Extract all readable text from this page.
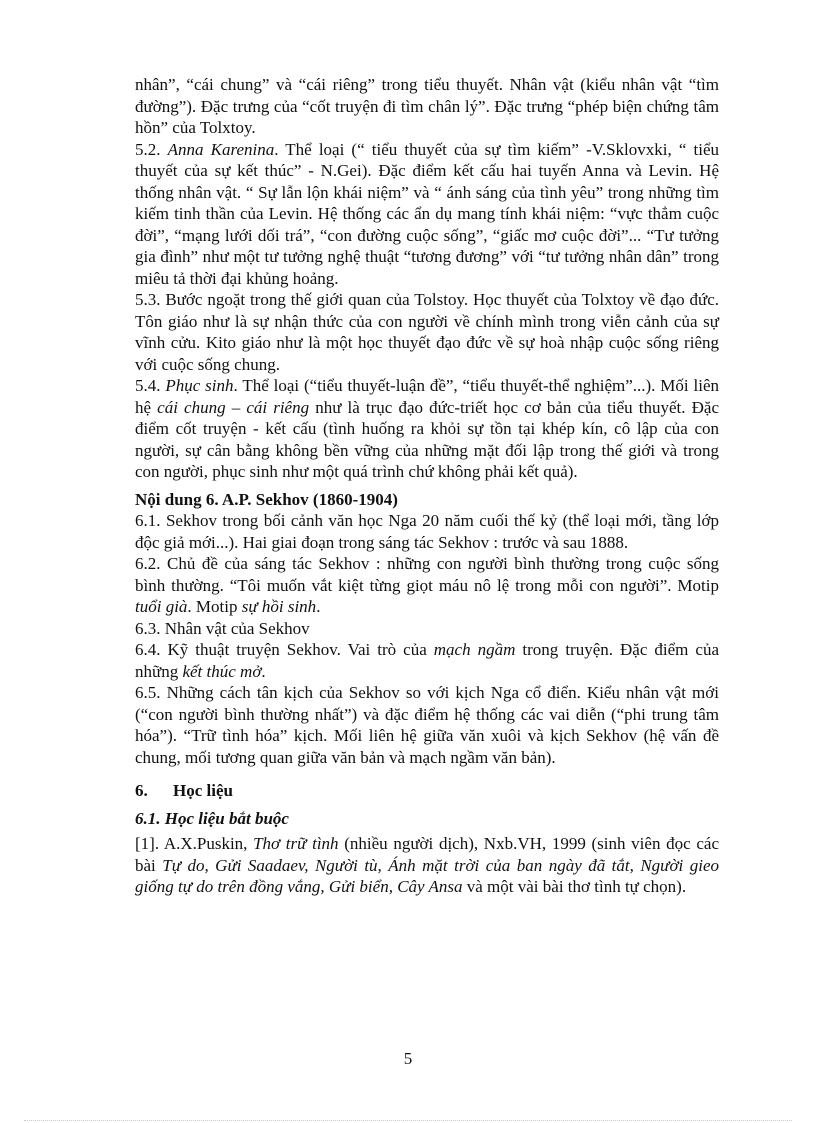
nhân”, “cái chung” và “cái riêng” trong tiểu thuyết. Nhân vật (kiểu nhân vật “tìm đường”). Đặc trưng của “cốt truyện đi tìm chân lý”. Đặc trưng “phép biện chứng tâm hồn” của Tolxtoy.

5.2. Anna Karenina. Thể loại (“ tiểu thuyết của sự tìm kiếm” -V.Sklovxki, “ tiểu thuyết của sự kết thúc” - N.Gei). Đặc điểm kết cấu hai tuyến Anna và Levin. Hệ thống nhân vật. “ Sự lẫn lộn khái niệm” và “ ánh sáng của tình yêu” trong những tìm kiếm tinh thần của Levin. Hệ thống các ẩn dụ mang tính khái niệm: “vực thẳm cuộc đời”, “mạng lưới dối trá”, “con đường cuộc sống”, “giấc mơ cuộc đời”... “Tư tưởng gia đình” như một tư tưởng nghệ thuật “tương đương” với “tư tưởng nhân dân” trong miêu tả thời đại khủng hoảng.

5.3. Bước ngoặt trong thế giới quan của Tolstoy. Học thuyết của Tolxtoy về đạo đức. Tôn giáo như là sự nhận thức của con người về chính mình trong viễn cảnh của sự vĩnh cửu. Kito giáo như là một học thuyết đạo đức về sự hoà nhập cuộc sống riêng với cuộc sống chung.

5.4. Phục sinh. Thể loại (“tiểu thuyết-luận đề”, “tiểu thuyết-thể nghiệm”...). Mối liên hệ cái chung – cái riêng như là trục đạo đức-triết học cơ bản của tiểu thuyết. Đặc điểm cốt truyện - kết cấu (tình huống ra khỏi sự tồn tại khép kín, cô lập của con người, sự cân bằng không bền vững của những mặt đối lập trong thế giới và trong con người, phục sinh như một quá trình chứ không phải kết quả).

Nội dung 6. A.P. Sekhov (1860-1904)

6.1. Sekhov trong bối cảnh văn học Nga 20 năm cuối thế kỷ (thể loại mới, tầng lớp độc giả mới...). Hai giai đoạn trong sáng tác Sekhov : trước và sau 1888.

6.2. Chủ đề của sáng tác Sekhov : những con người bình thường trong cuộc sống bình thường. “Tôi muốn vắt kiệt từng giọt máu nô lệ trong mỗi con người”. Motip tuổi già. Motip sự hồi sinh.

6.3. Nhân vật của Sekhov

6.4. Kỹ thuật truyện Sekhov. Vai trò của mạch ngầm trong truyện. Đặc điểm của những kết thúc mở.

6.5. Những cách tân kịch của Sekhov so với kịch Nga cổ điển. Kiểu nhân vật mới (“con người bình thường nhất”) và đặc điểm hệ thống các vai diễn (“phi trung tâm hóa”). “Trữ tình hóa” kịch. Mối liên hệ giữa văn xuôi và kịch Sekhov (hệ vấn đề chung, mối tương quan giữa văn bản và mạch ngầm văn bản).

6. Học liệu

6.1. Học liệu bắt buộc

[1]. A.X.Puskin, Thơ trữ tình (nhiều người dịch), Nxb.VH, 1999 (sinh viên đọc các bài Tự do, Gửi Saadaev, Người tù, Ánh mặt trời của ban ngày đã tắt, Người gieo giống tự do trên đồng vắng, Gửi biển, Cây Ansa và một vài bài thơ tình tự chọn).

5
